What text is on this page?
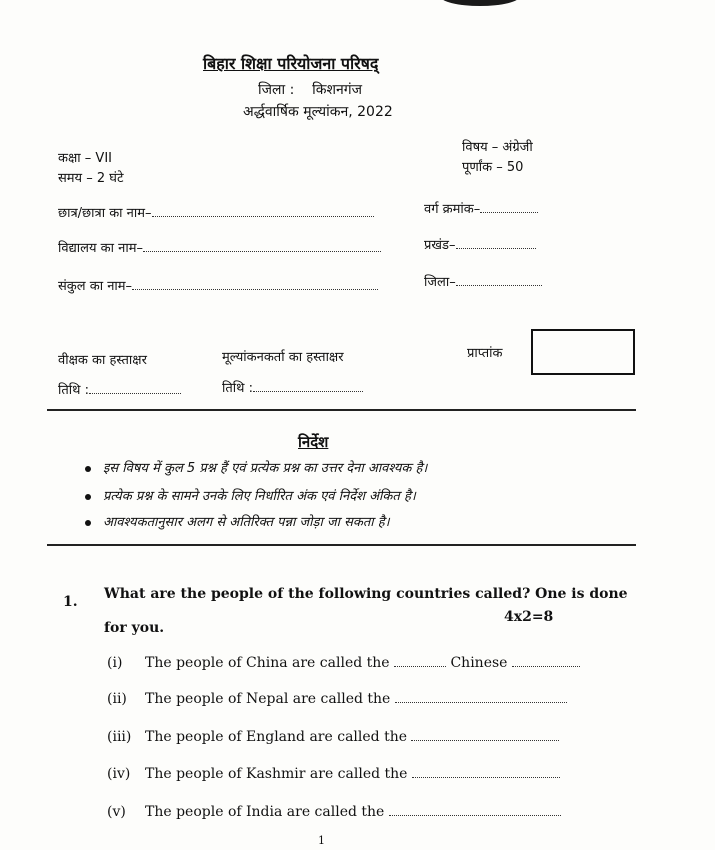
बिहार शिक्षा परियोजना परिषद्
जिला : किशनगंज
अर्द्धवार्षिक मूल्यांकन, 2022
कक्षा – VII
समय – 2 घंटे
विषय – अंग्रेजी
पूर्णांक – 50
छात्र/छात्रा का नाम–	वर्ग क्रमांक–
विद्यालय का नाम–	प्रखंड–
संकुल का नाम–	जिला–
वीक्षक का हस्ताक्षर	मूल्यांकनकर्ता का हस्ताक्षर	प्राप्तांक
तिथि :	तिथि :
निर्देश
इस विषय में कुल 5 प्रश्न हैं एवं प्रत्येक प्रश्न का उत्तर देना आवश्यक है।
प्रत्येक प्रश्न के सामने उनके लिए निर्धारित अंक एवं निर्देश अंकित है।
आवश्यकतानुसार अलग से अतिरिक्त पन्ना जोड़ा जा सकता है।
1. What are the people of the following countries called? One is done
for you.
4x2=8
(i) The people of China are called the	Chinese
(ii) The people of Nepal are called the
(iii) The people of England are called the
(iv) The people of Kashmir are called the
(v) The people of India are called the
1
